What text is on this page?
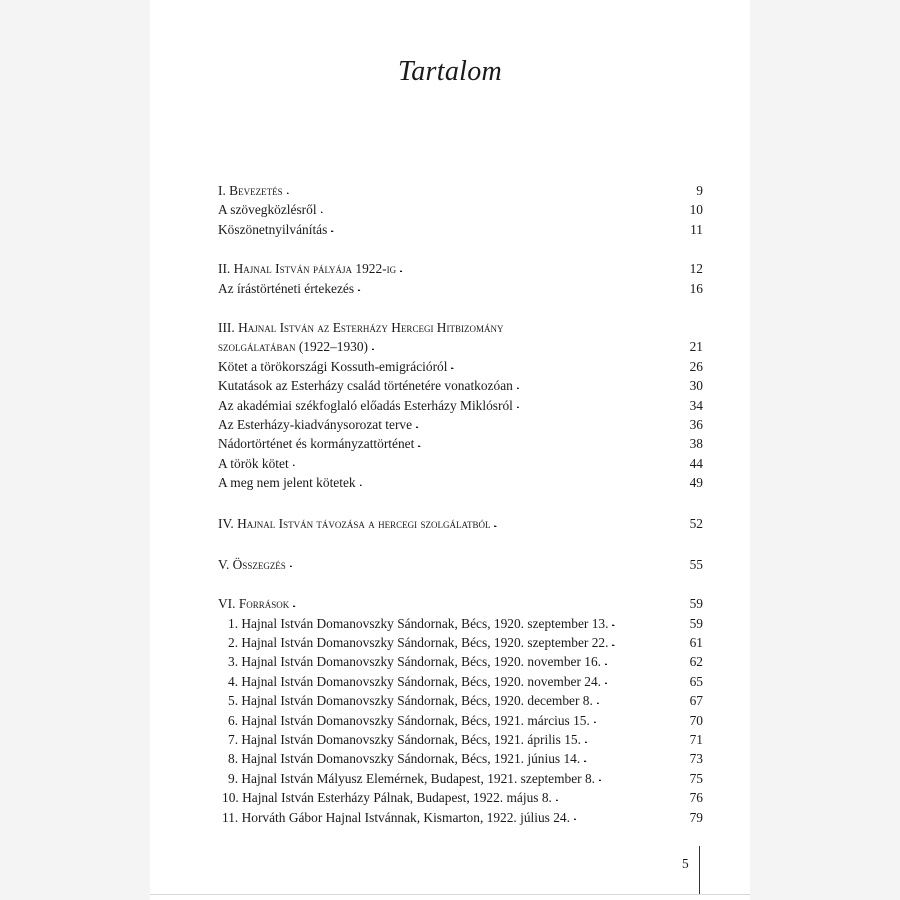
Tartalom
I. Bevezetés . . .	9
A szövegközlésről . . .	10
Köszönetnyilvánítás . . .	11
II. Hajnal István pályája 1922-ig . . .	12
Az írástörténeti értekezés . . .	16
III. Hajnal István az Esterházy Hercegi Hitbizomány
szolgálatában (1922–1930) . . .	21
Kötet a törökországi Kossuth-emigrációról . . .	26
Kutatások az Esterházy család történetére vonatkozóan . . .	30
Az akadémiai székfoglaló előadás Esterházy Miklósról . . .	34
Az Esterházy-kiadványsorozat terve . . .	36
Nádortörténet és kormányzattörténet . . .	38
A török kötet . . .	44
A meg nem jelent kötetek . . .	49
IV. Hajnal István távozása a hercegi szolgálatból . . .	52
V. Összegzés . . .	55
VI. Források . . .	59
1. Hajnal István Domanovszky Sándornak, Bécs, 1920. szeptember 13. . . .	59
2. Hajnal István Domanovszky Sándornak, Bécs, 1920. szeptember 22. . . .	61
3. Hajnal István Domanovszky Sándornak, Bécs, 1920. november 16. . . .	62
4. Hajnal István Domanovszky Sándornak, Bécs, 1920. november 24. . . .	65
5. Hajnal István Domanovszky Sándornak, Bécs, 1920. december 8. . . .	67
6. Hajnal István Domanovszky Sándornak, Bécs, 1921. március 15. . . .	70
7. Hajnal István Domanovszky Sándornak, Bécs, 1921. április 15. . . .	71
8. Hajnal István Domanovszky Sándornak, Bécs, 1921. június 14. . . .	73
9. Hajnal István Mályusz Elemérnek, Budapest, 1921. szeptember 8. . . .	75
10. Hajnal István Esterházy Pálnak, Budapest, 1922. május 8. . . .	76
11. Horváth Gábor Hajnal Istvánnak, Kismarton, 1922. július 24. . . .	79
5
